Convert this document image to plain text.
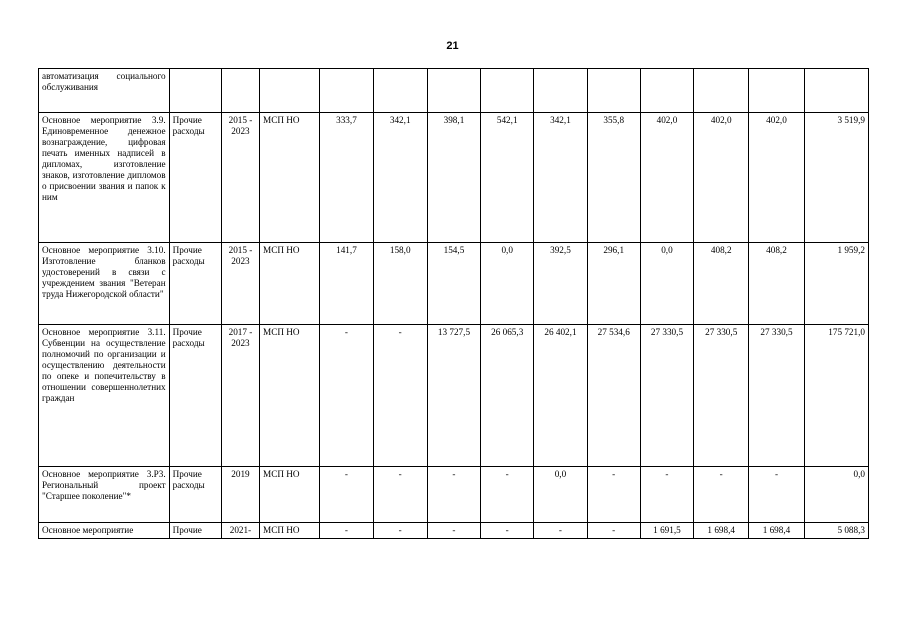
21
автоматизация социального обслуживания													
Основное мероприятие 3.9. Единовременное денежное вознаграждение, цифровая печать именных надписей в дипломах, изготовление знаков, изготовление дипломов о присвоении звания и папок к ним	Прочие расходы	2015 - 2023	МСП НО	333,7	342,1	398,1	542,1	342,1	355,8	402,0	402,0	402,0	3 519,9
Основное мероприятие 3.10. Изготовление бланков удостоверений в связи с учреждением звания "Ветеран труда Нижегородской области"	Прочие расходы	2015 - 2023	МСП НО	141,7	158,0	154,5	0,0	392,5	296,1	0,0	408,2	408,2	1 959,2
Основное мероприятие 3.11. Субвенции на осуществление полномочий по организации и осуществлению деятельности по опеке и попечительству в отношении совершеннолетних граждан	Прочие расходы	2017 - 2023	МСП НО	-	-	13 727,5	26 065,3	26 402,1	27 534,6	27 330,5	27 330,5	27 330,5	175 721,0
Основное мероприятие 3.Р3. Региональный проект "Старшее поколение"*	Прочие расходы	2019	МСП НО	-	-	-	-	0,0	-	-	-	-	0,0
Основное мероприятие	Прочие	2021-	МСП НО	-	-	-	-	-	-	1 691,5	1 698,4	1 698,4	5 088,3
